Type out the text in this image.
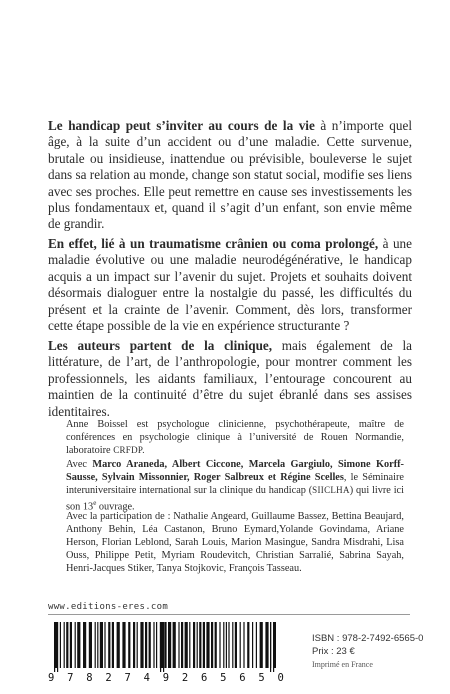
Le handicap peut s’inviter au cours de la vie à n’importe quel âge, à la suite d’un accident ou d’une maladie. Cette survenue, brutale ou insidieuse, inattendue ou prévisible, bouleverse le sujet dans sa relation au monde, change son statut social, modifie ses liens avec ses proches. Elle peut remettre en cause ses investissements les plus fondamentaux et, quand il s’agit d’un enfant, son envie même de grandir.

En effet, lié à un traumatisme crânien ou coma prolongé, à une maladie évolutive ou une maladie neurodégénérative, le handicap acquis a un impact sur l’avenir du sujet. Projets et souhaits doivent désormais dialoguer entre la nostalgie du passé, les difficultés du présent et la crainte de l’avenir. Comment, dès lors, transformer cette étape possible de la vie en expérience structurante ?

Les auteurs partent de la clinique, mais également de la littérature, de l’art, de l’anthropologie, pour montrer comment les professionnels, les aidants familiaux, l’entourage concourent au maintien de la continuité d’être du sujet ébranlé dans ses assises identitaires.

Anne Boissel est psychologue clinicienne, psychothérapeute, maître de conférences en psychologie clinique à l’université de Rouen Normandie, laboratoire CRFDP.

Avec Marco Araneda, Albert Ciccone, Marcela Gargiulo, Simone Korff-Sausse, Sylvain Missonnier, Roger Salbreux et Régine Scelles, le Séminaire interuniversitaire international sur la clinique du handicap (SIICLHA) qui livre ici son 13e ouvrage.

Avec la participation de : Nathalie Angeard, Guillaume Bassez, Bettina Beaujard, Anthony Behin, Léa Castanon, Bruno Eymard,Yolande Govindama, Ariane Herson, Florian Leblond, Sarah Louis, Marion Masingue, Sandra Misdrahi, Lisa Ouss, Philippe Petit, Myriam Roudevitch, Christian Sarralié, Sabrina Sayah, Henri-Jacques Stiker, Tanya Stojkovic, François Tasseau.

www.editions-eres.com
9 7 8 2 7 4 9 2 6 5 6 5 0
ISBN : 978-2-7492-6565-0
Prix : 23 €
Imprimé en France
